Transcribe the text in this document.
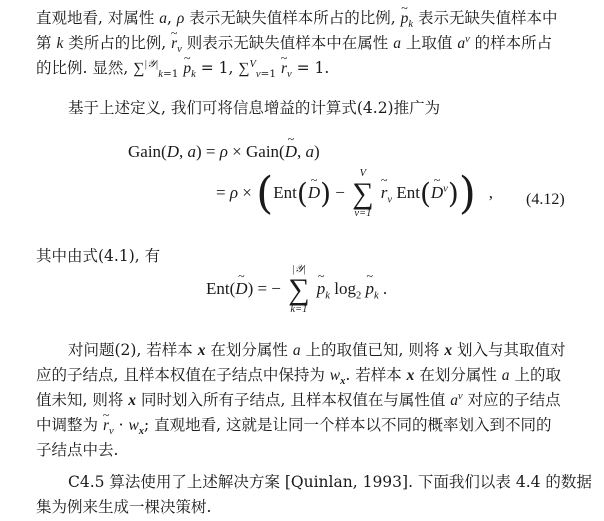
直观地看, 对属性 a, ρ 表示无缺失值样本所占的比例, ~ $p_k$ 表示无缺失值样本中
第 k 类所占的比例, ~ $r_v$ 则表示无缺失值样本中在属性 a 上取值 $a^v$ 的样本所占
的比例. 显然, ∑$^{|𝒴|}_{k=1}$ ~ $p_k = 1$, ∑$^V_{v=1}$ ~ $r_v = 1$.

基于上述定义, 我们可将信息增益的计算式(4.2)推广为

Gain(D, a) = ρ × Gain(~ D, a)
= ρ × (Ent(~ D) −
V
∑
v=1
~ $r_v$ Ent(~ $D^v$))   , (4.12)

其中由式(4.1), 有

Ent(~ D) = −
|𝒴|
∑
k=1
~ $p_k$ $\log_2$ ~ $p_k$ .

对问题(2), 若样本 x 在划分属性 a 上的取值已知, 则将 x 划入与其取值对

应的子结点, 且样本权值在子结点中保持为 $w_x$. 若样本 x 在划分属性 a 上的取
值未知, 则将 x 同时划入所有子结点, 且样本权值在与属性值 $a^v$ 对应的子结点
中调整为 ~ $r_v \cdot w_x$; 直观地看, 这就是让同一个样本以不同的概率划入到不同的
子结点中去.

C4.5 算法使用了上述解决方案 [Quinlan, 1993]. 下面我们以表 4.4 的数据

集为例来生成一棵决策树.
